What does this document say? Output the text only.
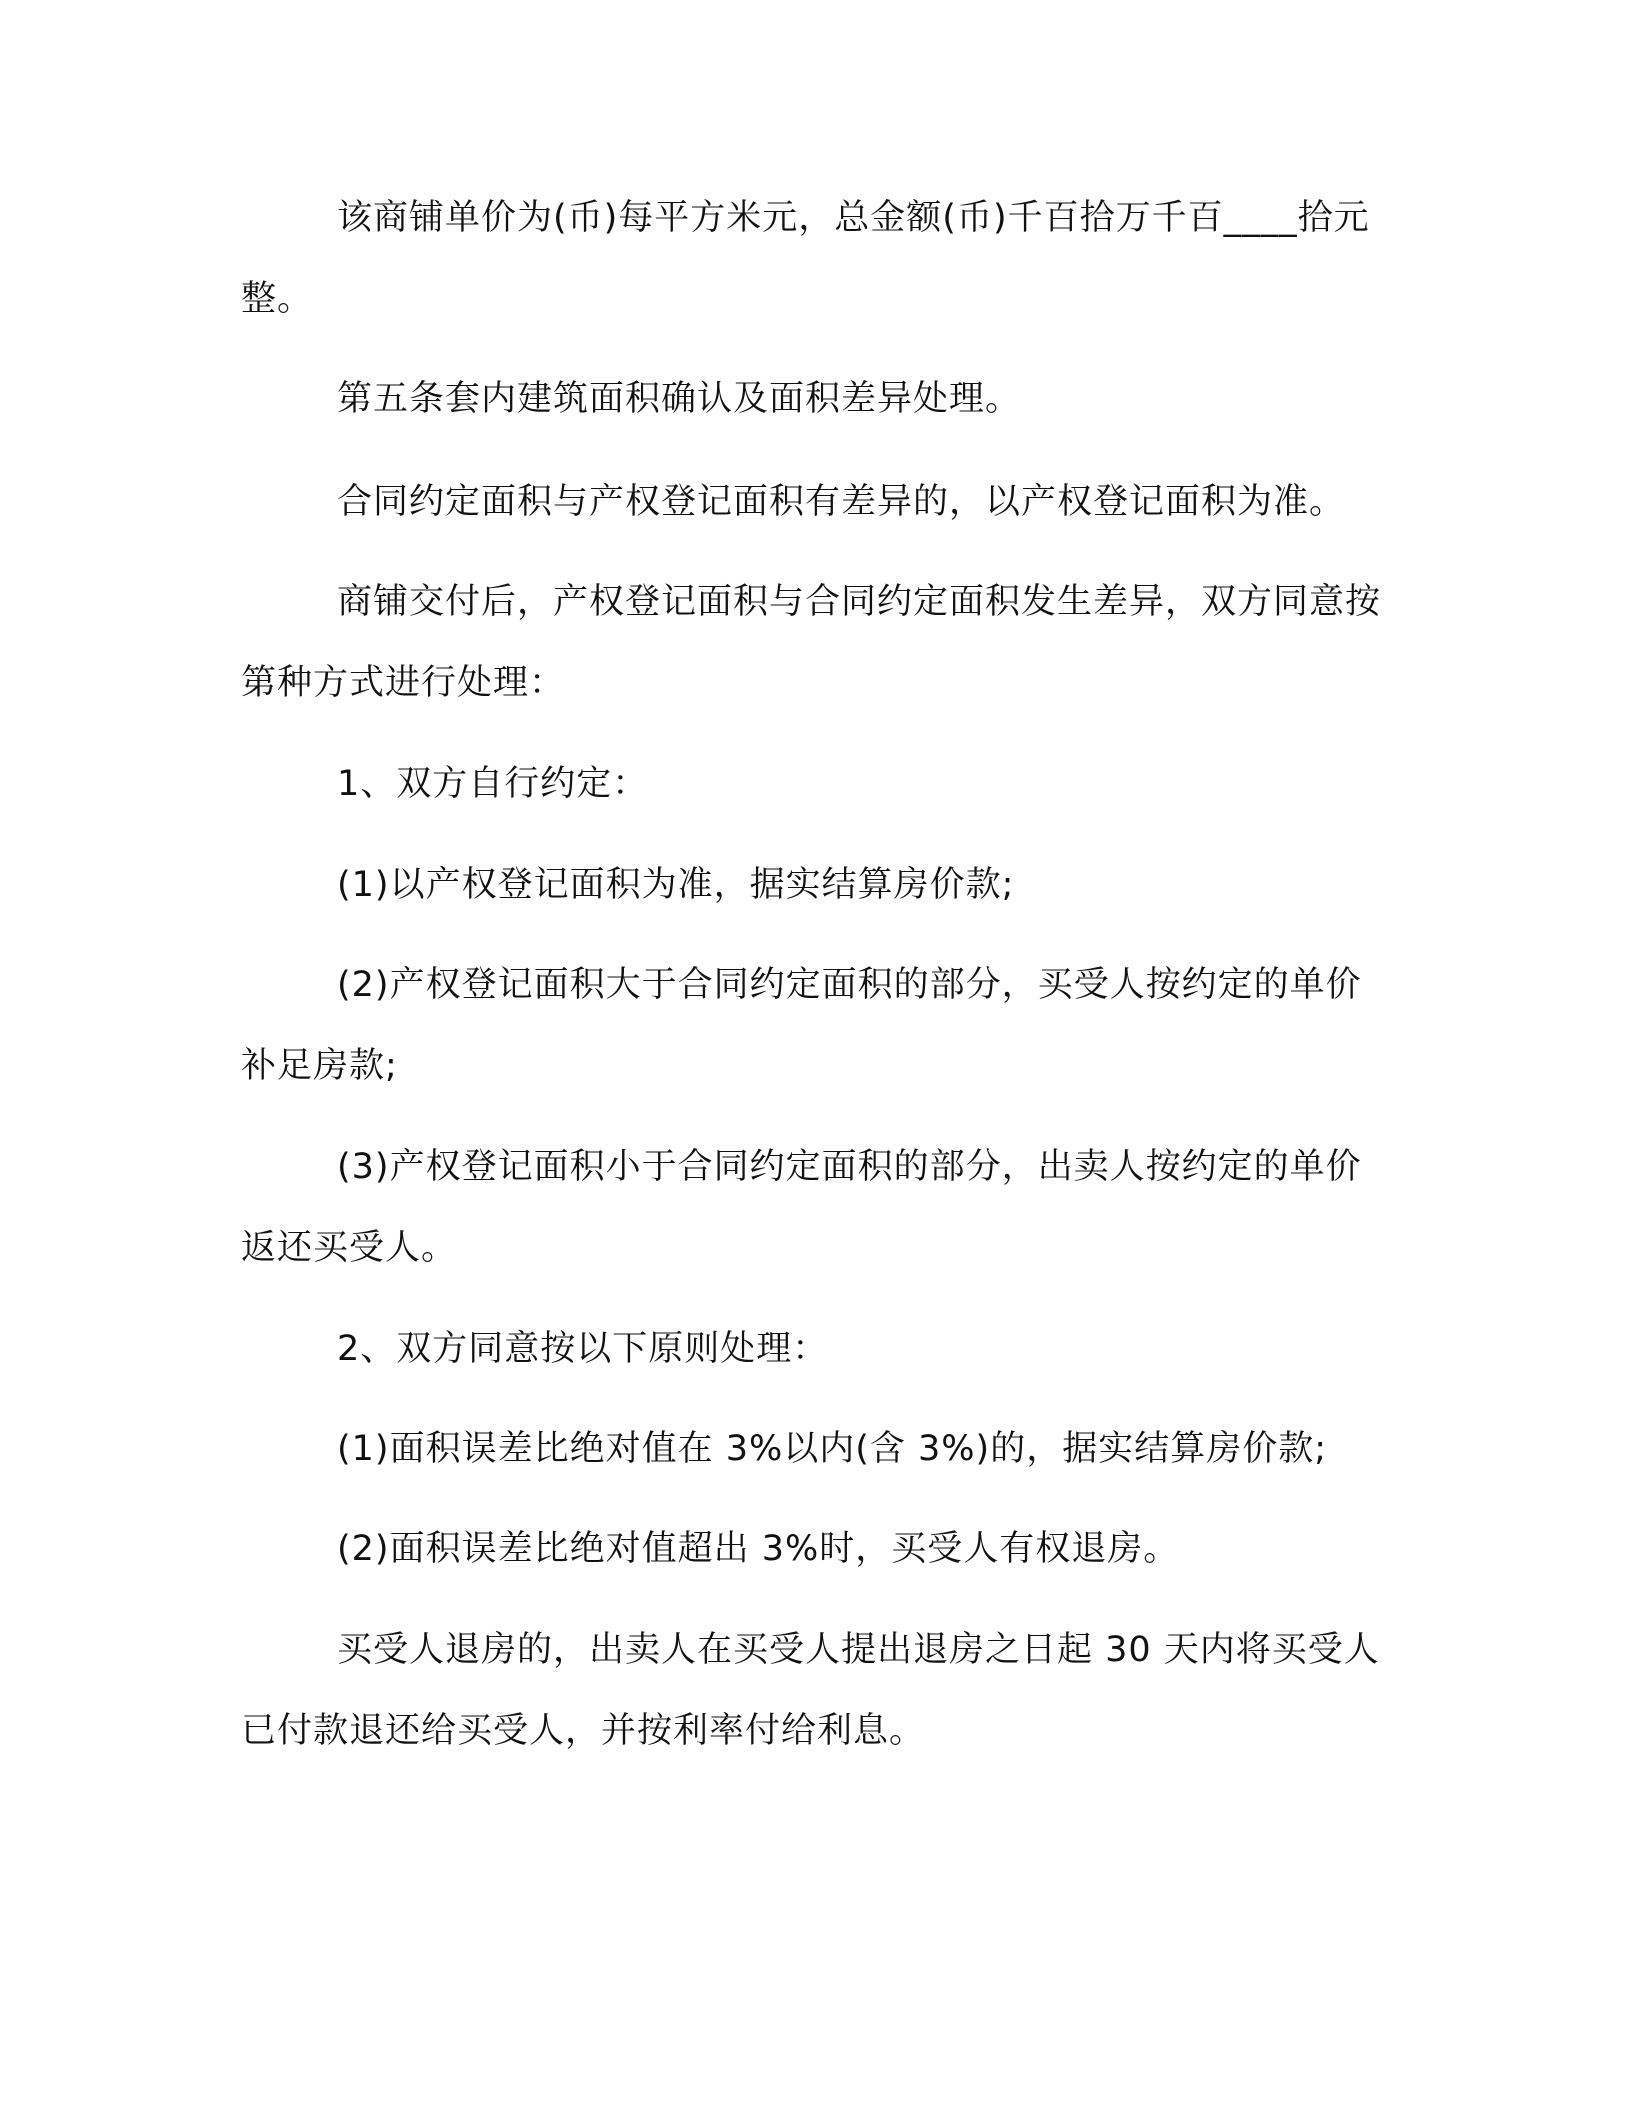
该商铺单价为(币)每平方米元，总金额(币)千百拾万千百____拾元整。

第五条套内建筑面积确认及面积差异处理。

合同约定面积与产权登记面积有差异的，以产权登记面积为准。

商铺交付后，产权登记面积与合同约定面积发生差异，双方同意按第种方式进行处理：

1、双方自行约定：

(1)以产权登记面积为准，据实结算房价款;

(2)产权登记面积大于合同约定面积的部分，买受人按约定的单价补足房款;

(3)产权登记面积小于合同约定面积的部分，出卖人按约定的单价返还买受人。

2、双方同意按以下原则处理：

(1)面积误差比绝对值在 3%以内(含 3%)的，据实结算房价款;

(2)面积误差比绝对值超出 3%时，买受人有权退房。

买受人退房的，出卖人在买受人提出退房之日起 30 天内将买受人已付款退还给买受人，并按利率付给利息。
